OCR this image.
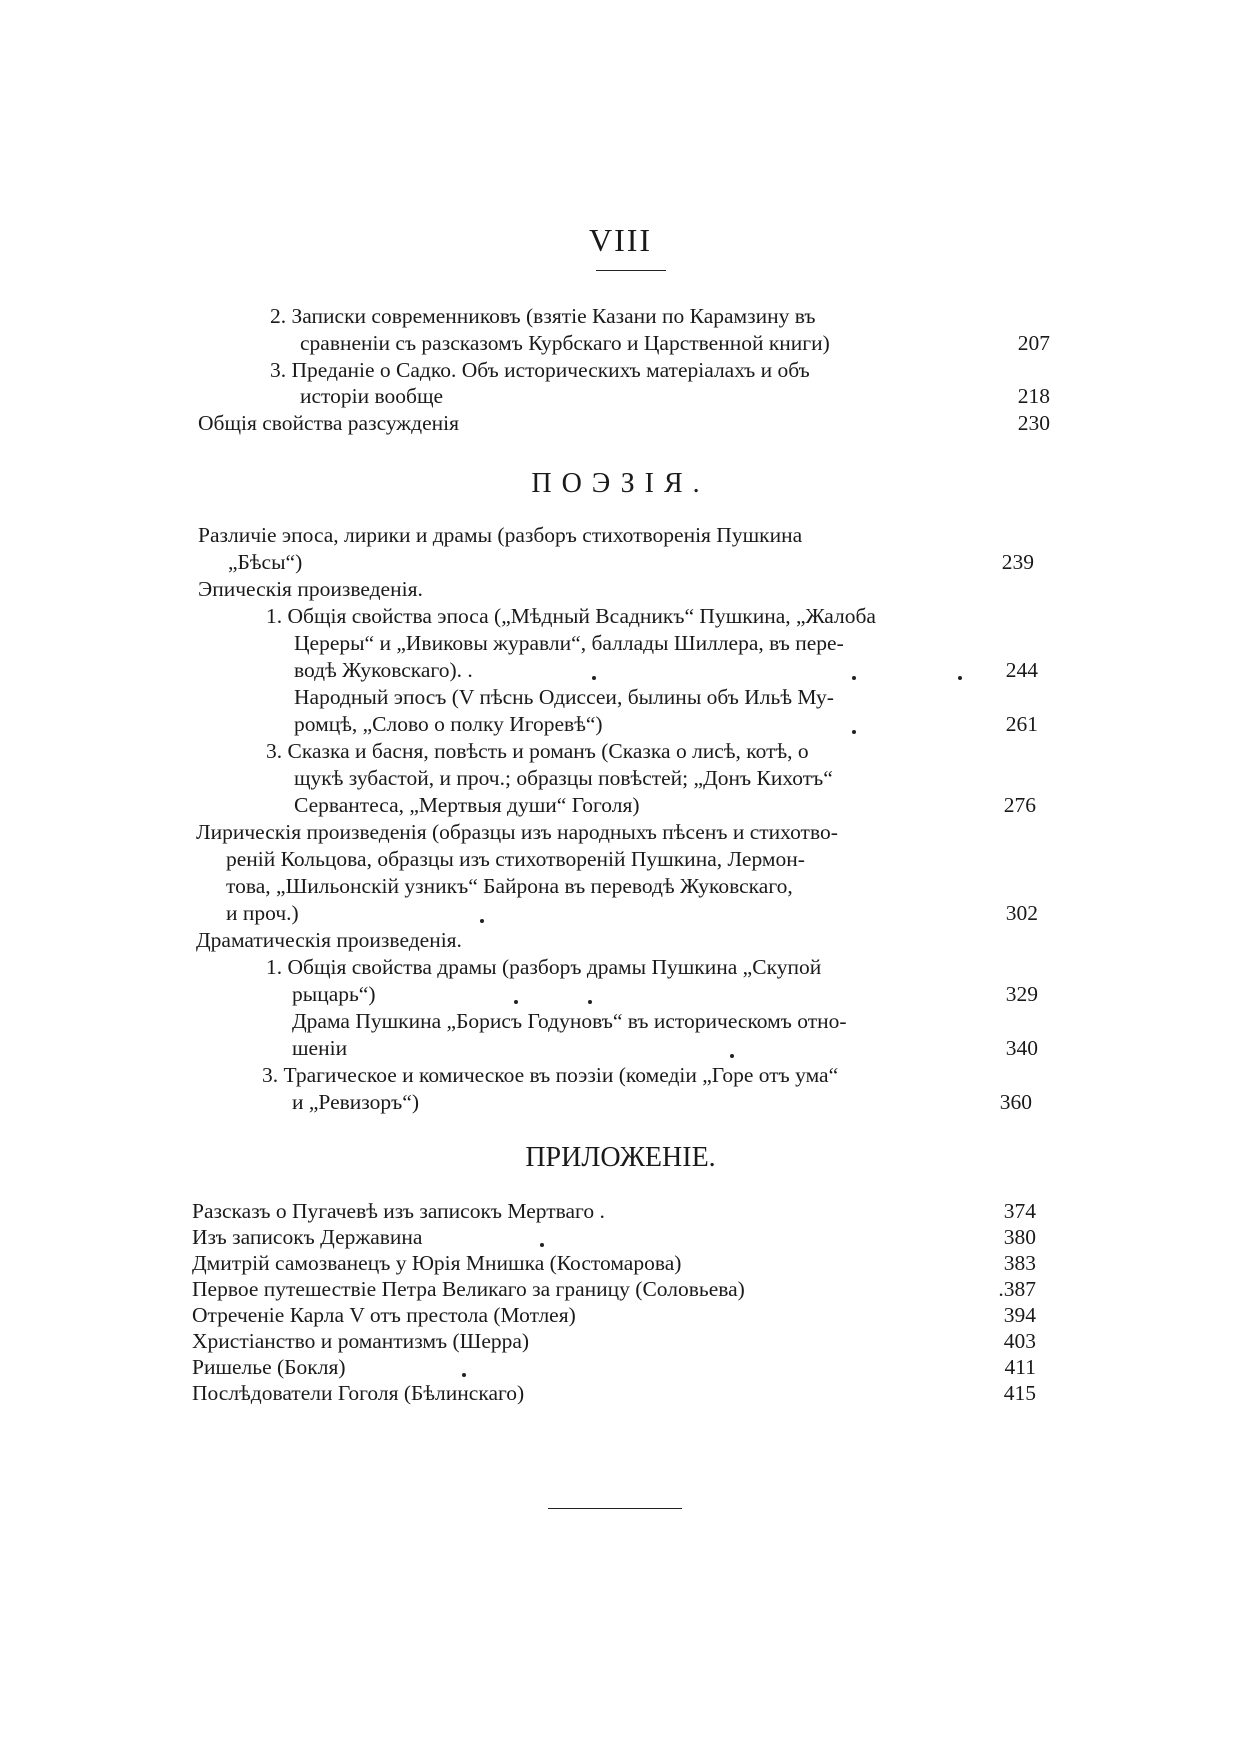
VIII
2. Записки современниковъ (взятіе Казани по Карамзину въ
сравненіи съ разсказомъ Курбскаго и Царственной книги)	207
3. Преданіе о Садко. Объ историческихъ матеріалахъ и объ
исторіи вообще	218
Общія свойства разсужденія	230
ПОЭЗІЯ.
Различіе эпоса, лирики и драмы (разборъ стихотворенія Пушкина
„Бѣсы“)	239
Эпическія произведенія.
1. Общія свойства эпоса („Мѣдный Всадникъ“ Пушкина, „Жалоба
Цереры“ и „Ивиковы журавли“, баллады Шиллера, въ пере-
водѣ Жуковскаго). .	244
Народный эпосъ (V пѣснь Одиссеи, былины объ Ильѣ Му-
ромцѣ, „Слово о полку Игоревѣ“)	261
3. Сказка и басня, повѣсть и романъ (Сказка о лисѣ, котѣ, о
щукѣ зубастой, и проч.; образцы повѣстей; „Донъ Кихотъ“
Сервантеса, „Мертвыя души“ Гоголя)	276
Лирическія произведенія (образцы изъ народныхъ пѣсенъ и стихотво-
реній Кольцова, образцы изъ стихотвореній Пушкина, Лермон-
това, „Шильонскій узникъ“ Байрона въ переводѣ Жуковскаго,
и проч.)	302
Драматическія произведенія.
1. Общія свойства драмы (разборъ драмы Пушкина „Скупой
рыцарь“)	329
Драма Пушкина „Борисъ Годуновъ“ въ историческомъ отно-
шеніи	340
3. Трагическое и комическое въ поэзіи (комедіи „Горе отъ ума“
и „Ревизоръ“)	360
ПРИЛОЖЕНІЕ.
Разсказъ о Пугачевѣ изъ записокъ Мертваго .	374
Изъ записокъ Державина	380
Дмитрій самозванецъ у Юрія Мнишка (Костомарова)	383
Первое путешествіе Петра Великаго за границу (Соловьева)	.387
Отреченіе Карла V отъ престола (Мотлея)	394
Христіанство и романтизмъ (Шерра)	403
Ришелье (Бокля)	411
Послѣдователи Гоголя (Бѣлинскаго)	415
